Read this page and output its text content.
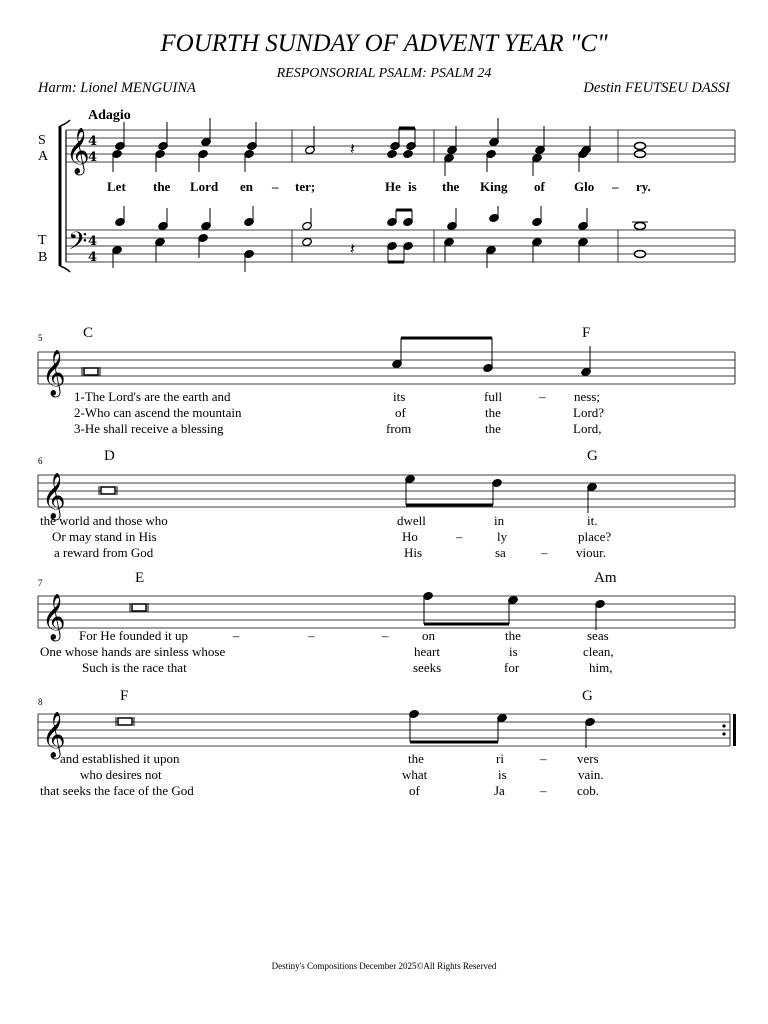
FOURTH SUNDAY OF ADVENT YEAR "C"
RESPONSORIAL PSALM: PSALM 24
Harm: Lionel MENGUINA	Destin FEUTSEU DASSI
Adagio
S
A
T
B
Let the Lord en – ter;	He is the King of Glo – ry.
5	C	F
1-The Lord's are the earth and	its	full	– ness;
2-Who can ascend the mountain	of	the	Lord?
3-He shall receive a blessing	from	the	Lord,
6	D	G
the world and those who	dwell	in	it.
Or may stand in His	Ho	–	ly	place?
a reward from God	His	sa	– viour.
7	E	Am
For He founded it up	–	–	–	on	the	seas
One whose hands are sinless whose	heart	is	clean,
Such is the race that	seeks	for	him,
8	F	G
and established it upon	the	ri	– vers
who desires not	what	is	vain.
that seeks the face of the God	of	Ja	– cob.
Destiny's Compositions December 2025©All Rights Reserved
𝄞
𝄢
𝄞
𝄞
𝄞
𝄞
4
4
4
4
𝄽
𝄽
